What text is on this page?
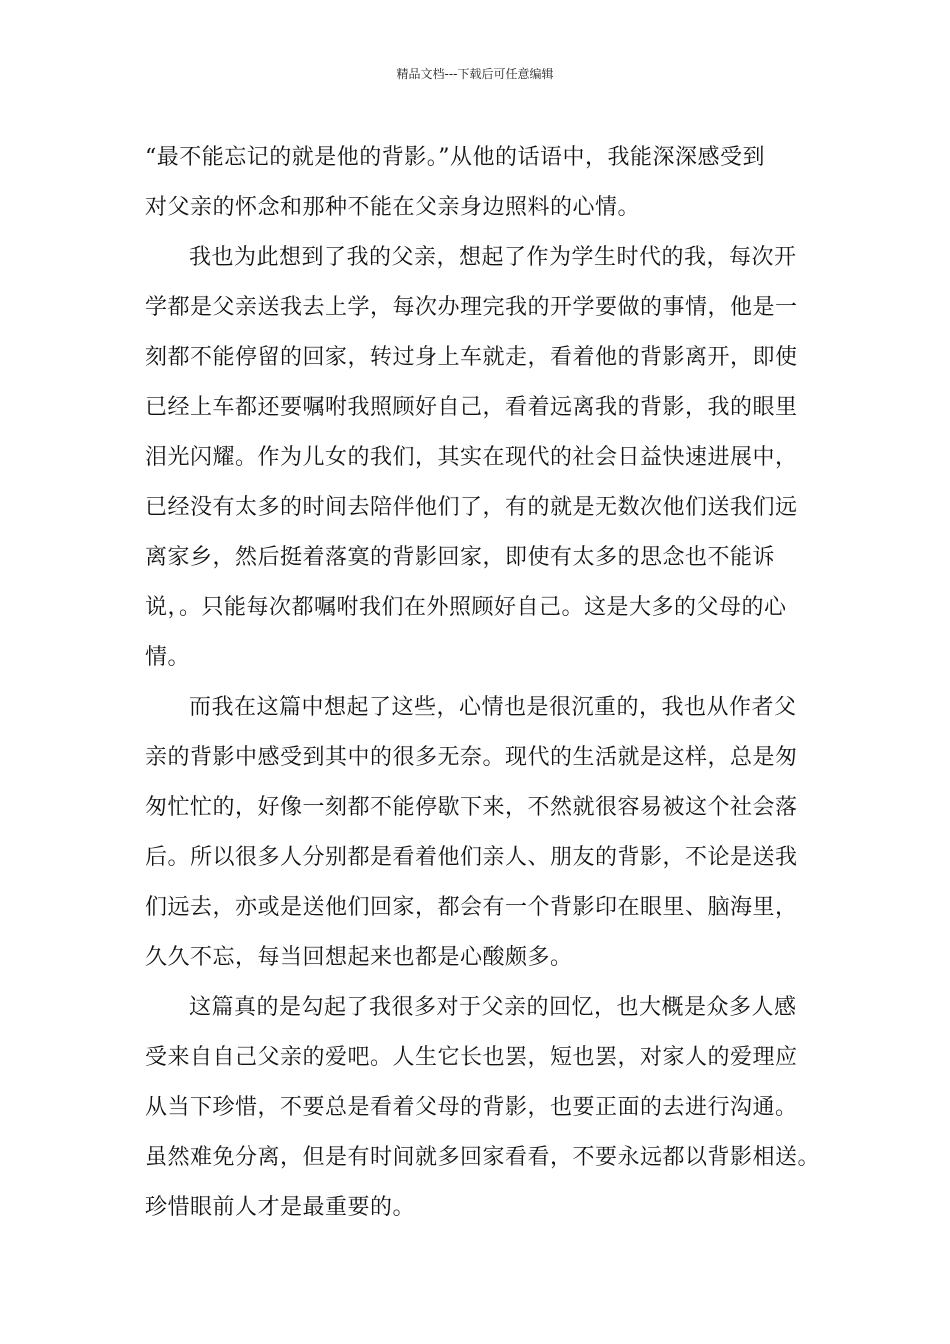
精品文档---下载后可任意编辑
“最不能忘记的就是他的背影。”从他的话语中，我能深深感受到
对父亲的怀念和那种不能在父亲身边照料的心情。
我也为此想到了我的父亲，想起了作为学生时代的我，每次开
学都是父亲送我去上学，每次办理完我的开学要做的事情，他是一
刻都不能停留的回家，转过身上车就走，看着他的背影离开，即使
已经上车都还要嘱咐我照顾好自己，看着远离我的背影，我的眼里
泪光闪耀。作为儿女的我们，其实在现代的社会日益快速进展中，
已经没有太多的时间去陪伴他们了，有的就是无数次他们送我们远
离家乡，然后挺着落寞的背影回家，即使有太多的思念也不能诉
说，。只能每次都嘱咐我们在外照顾好自己。这是大多的父母的心
情。
而我在这篇中想起了这些，心情也是很沉重的，我也从作者父
亲的背影中感受到其中的很多无奈。现代的生活就是这样，总是匆
匆忙忙的，好像一刻都不能停歇下来，不然就很容易被这个社会落
后。所以很多人分别都是看着他们亲人、朋友的背影，不论是送我
们远去，亦或是送他们回家，都会有一个背影印在眼里、脑海里，
久久不忘，每当回想起来也都是心酸颇多。
这篇真的是勾起了我很多对于父亲的回忆，也大概是众多人感
受来自自己父亲的爱吧。人生它长也罢，短也罢，对家人的爱理应
从当下珍惜，不要总是看着父母的背影，也要正面的去进行沟通。
虽然难免分离，但是有时间就多回家看看，不要永远都以背影相送。
珍惜眼前人才是最重要的。
